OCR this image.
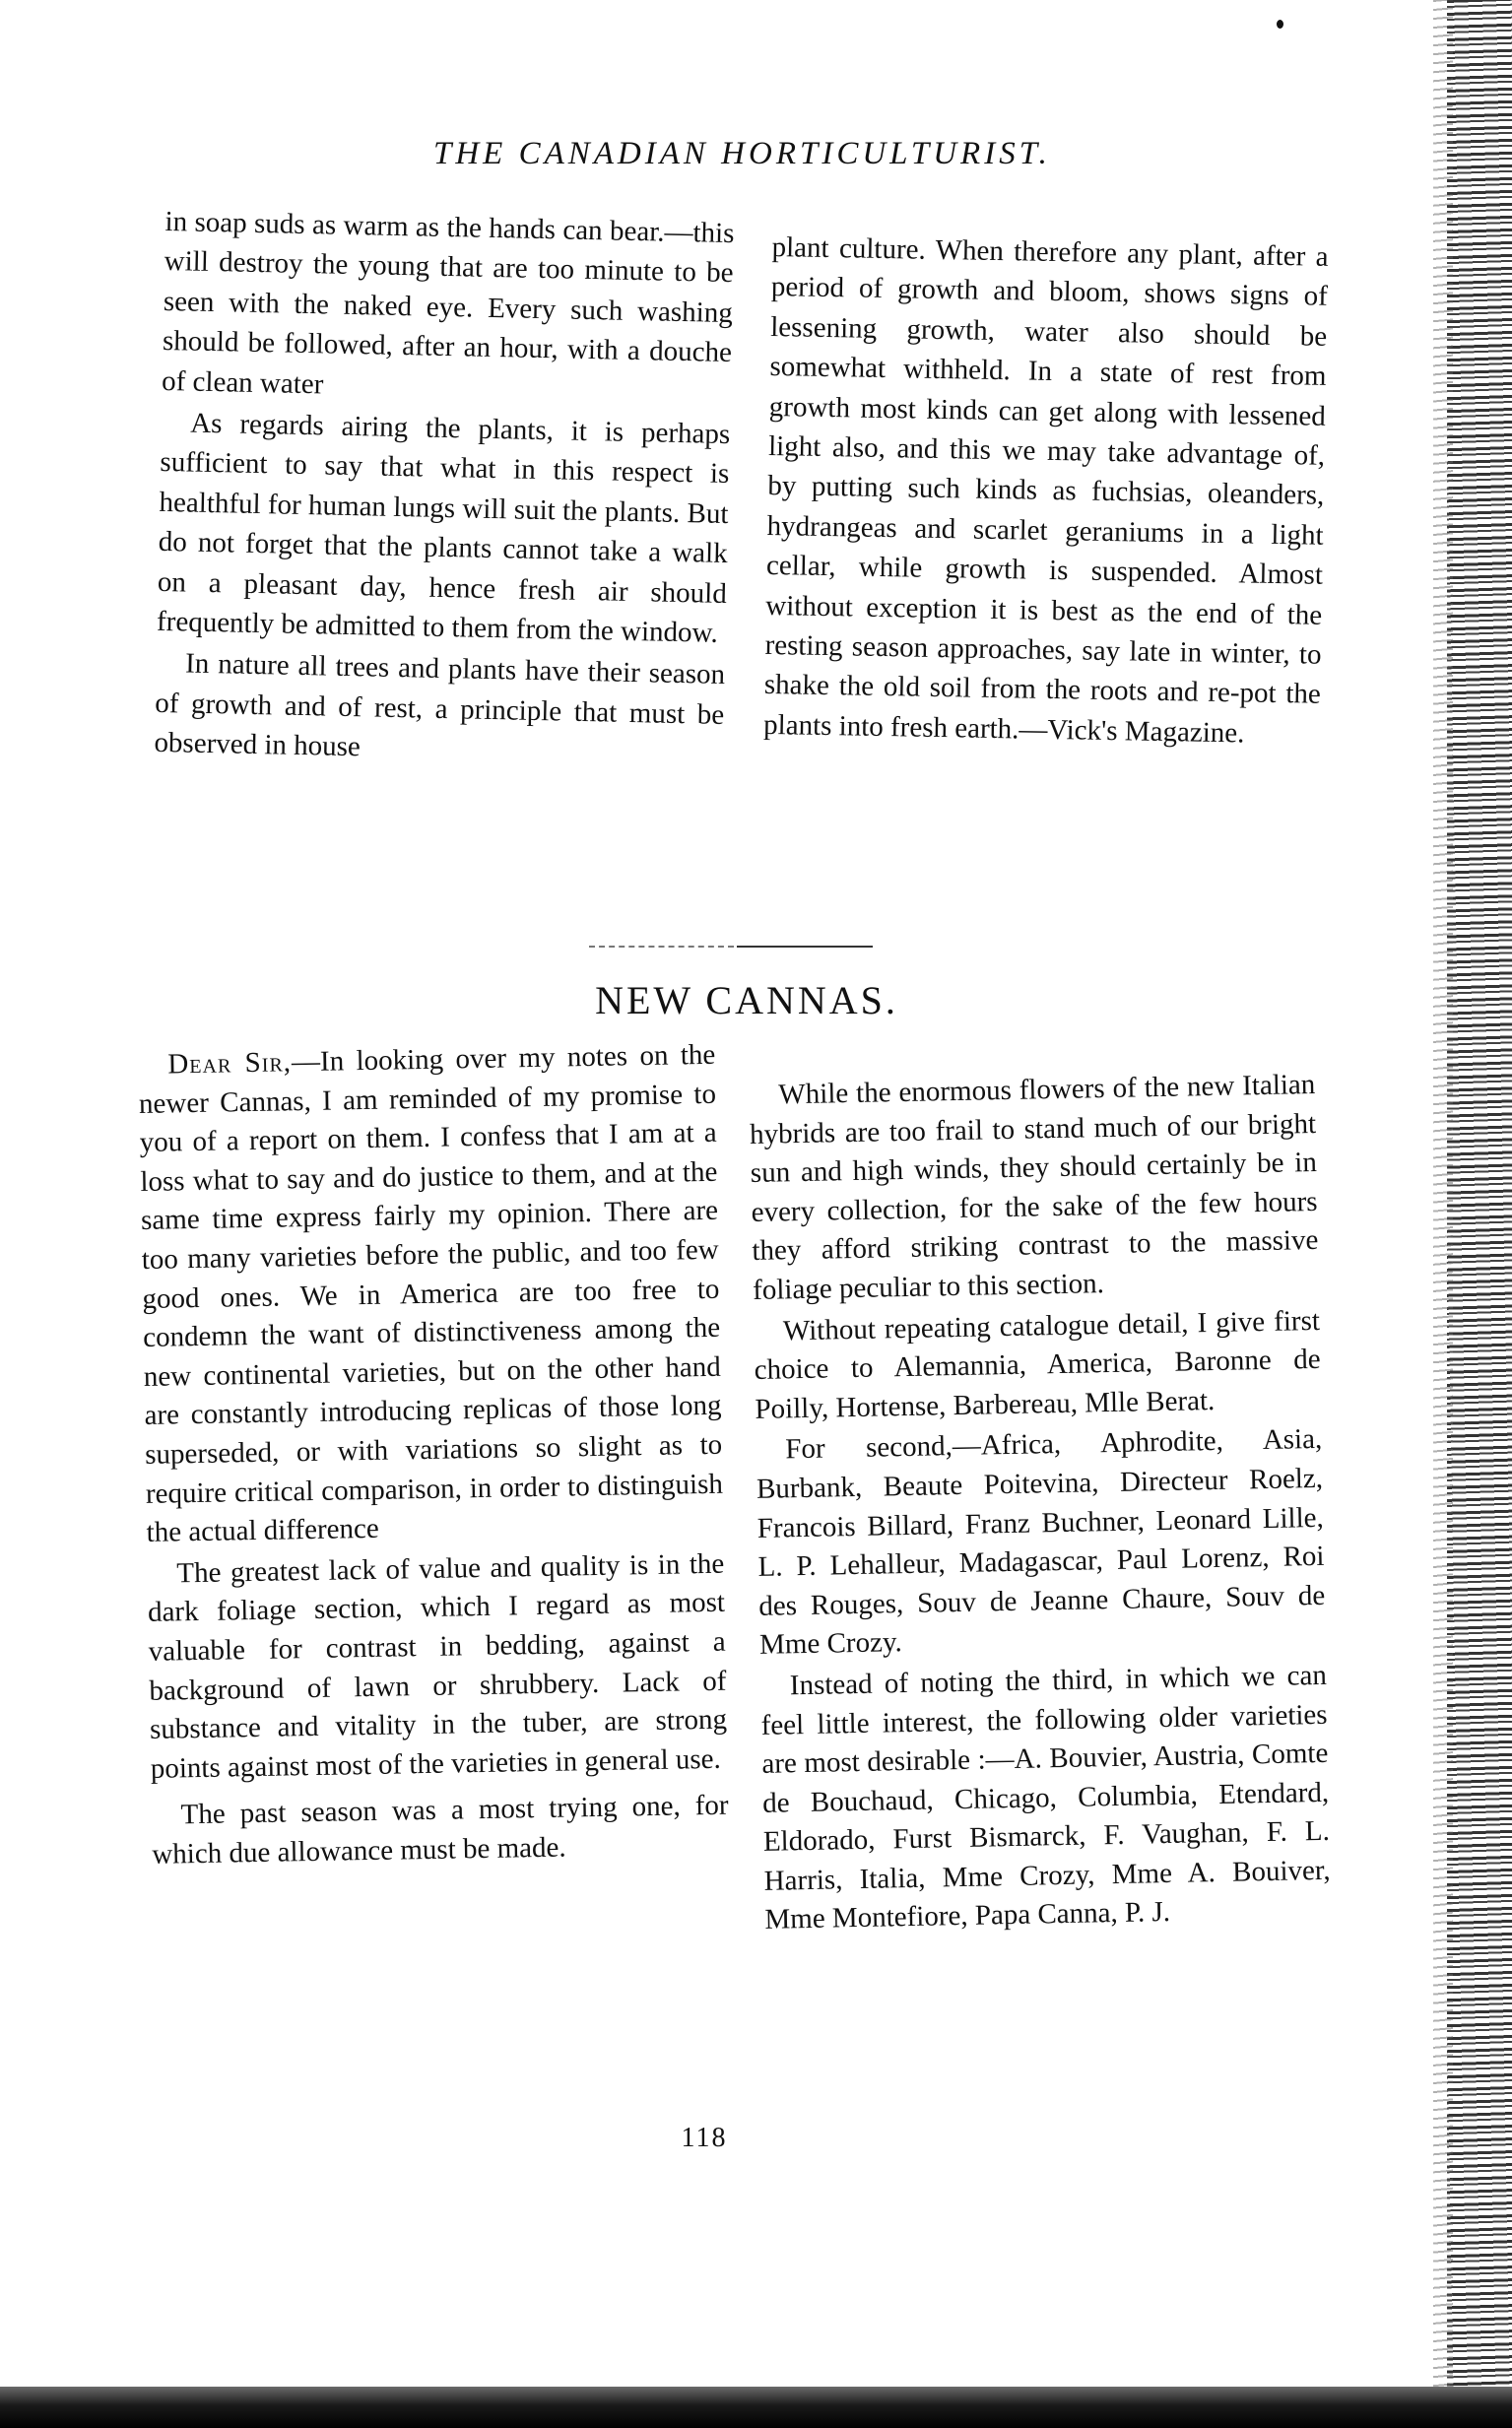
THE CANADIAN HORTICULTURIST.

in soap suds as warm as the hands can bear.—this will destroy the young that are too minute to be seen with the naked eye. Every such washing should be followed, after an hour, with a douche of clean water

As regards airing the plants, it is perhaps sufficient to say that what in this respect is healthful for human lungs will suit the plants. But do not forget that the plants cannot take a walk on a pleasant day, hence fresh air should frequently be admitted to them from the window.

In nature all trees and plants have their season of growth and of rest, a principle that must be observed in house

plant culture. When therefore any plant, after a period of growth and bloom, shows signs of lessening growth, water also should be somewhat withheld. In a state of rest from growth most kinds can get along with lessened light also, and this we may take advantage of, by putting such kinds as fuchsias, oleanders, hydrangeas and scarlet geraniums in a light cellar, while growth is suspended. Almost without exception it is best as the end of the resting season approaches, say late in winter, to shake the old soil from the roots and re-pot the plants into fresh earth.—Vick's Magazine.

NEW CANNAS.

Dear Sir,—In looking over my notes on the newer Cannas, I am reminded of my promise to you of a report on them. I confess that I am at a loss what to say and do justice to them, and at the same time express fairly my opinion. There are too many varieties before the public, and too few good ones. We in America are too free to condemn the want of distinctiveness among the new continental varieties, but on the other hand are constantly introducing replicas of those long superseded, or with variations so slight as to require critical comparison, in order to distinguish the actual difference

The greatest lack of value and quality is in the dark foliage section, which I regard as most valuable for contrast in bedding, against a background of lawn or shrubbery. Lack of substance and vitality in the tuber, are strong points against most of the varieties in general use.

The past season was a most trying one, for which due allowance must be made.

While the enormous flowers of the new Italian hybrids are too frail to stand much of our bright sun and high winds, they should certainly be in every collection, for the sake of the few hours they afford striking contrast to the massive foliage peculiar to this section.

Without repeating catalogue detail, I give first choice to Alemannia, America, Baronne de Poilly, Hortense, Barbereau, Mlle Berat.

For second,—Africa, Aphrodite, Asia, Burbank, Beaute Poitevina, Directeur Roelz, Francois Billard, Franz Buchner, Leonard Lille, L. P. Lehalleur, Madagascar, Paul Lorenz, Roi des Rouges, Souv de Jeanne Chaure, Souv de Mme Crozy.

Instead of noting the third, in which we can feel little interest, the following older varieties are most desirable :—A. Bouvier, Austria, Comte de Bouchaud, Chicago, Columbia, Etendard, Eldorado, Furst Bismarck, F. Vaughan, F. L. Harris, Italia, Mme Crozy, Mme A. Bouiver, Mme Montefiore, Papa Canna, P. J.

118
